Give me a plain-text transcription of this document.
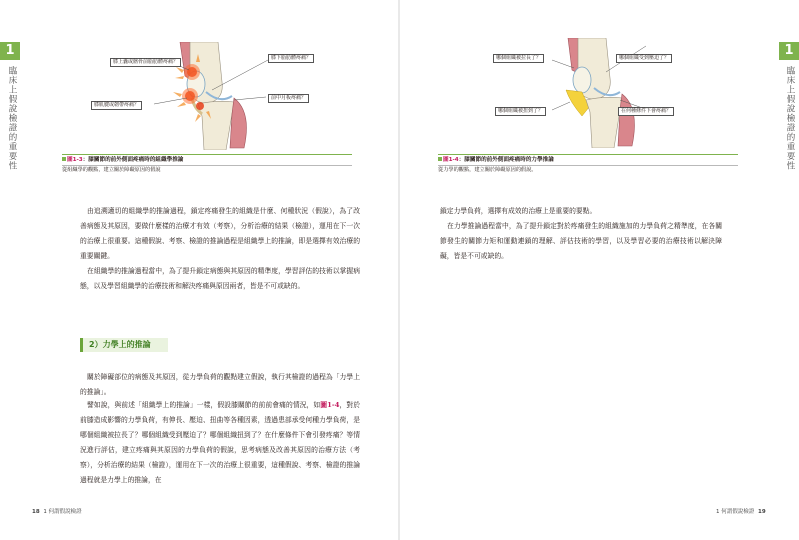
1
臨床上假說檢證的重要性
膝上囊或髂骨前脂肪體疼痛？
膝下脂肪體疼痛？
前中月板疼痛？
膝肌腱或韌帶疼痛？
圖1-3：膝關節的前外側面疼痛時的組織學推論
從組織學的觀點，建立關於障礙原因的假說
由追溯適切的組織學的推論過程，鎖定疼痛發生的組織是什麼、何種狀況（假說），為了改善病態及其原因，要做什麼樣的治療才有效（考察），分析治療的結果（檢證），運用在下一次的治療上很重要。這種假說、考察、檢證的推論過程是組織學上的推論，即是選擇有效治療的重要關鍵。
在組織學的推論過程當中，為了提升鎖定病態與其原因的精準度，學習評估的技術以掌握病態，以及學習組織學的治療技術和解決疼痛與原因兩者，皆是不可或缺的。
2）力學上的推論
關於障礙部位的病態及其原因，從力學負荷的觀點建立假說，執行其檢證的過程為「力學上的推論」。
譬如說，與前述「組織學上的推論」一樣，假設膝關節的前前會痛的情況，如圖1-4，對於前膝造成影響的力學負荷，有伸長、壓迫、扭曲等各種因素，透過患部承受何種力學負荷，是哪個組織被拉長了？哪個組織受到壓迫了？哪個組織扭到了？在什麼條件下會引發疼痛？等情況進行評估，建立疼痛與其原因的力學負荷的假說，思考病態及改善其原因的治療方法（考察），分析治療的結果（檢證），運用在下一次的治療上很重要，這種假說、考察、檢證的推論過程就是力學上的推論，在
18 1 何謂假說檢證
1
臨床上假說檢證的重要性
哪個組織被拉長了？	哪個組織受到壓迫了？
哪個組織被扭到了？	在何種條件下會疼痛？
圖1-4：膝關節的前外側面疼痛時的力學推論
從力學的觀點，建立關於障礙原因的假說。
鎖定力學負荷，選擇有成效的治療上是重要的要點。
在力學推論過程當中，為了提升鎖定對於疼痛發生的組織施加的力學負荷之精準度，在各關節發生的關節力矩和運動連鎖的理解、評估技術的學習，以及學習必要的治療技術以解決障礙，皆是不可或缺的。
1 何謂假說檢證 19
